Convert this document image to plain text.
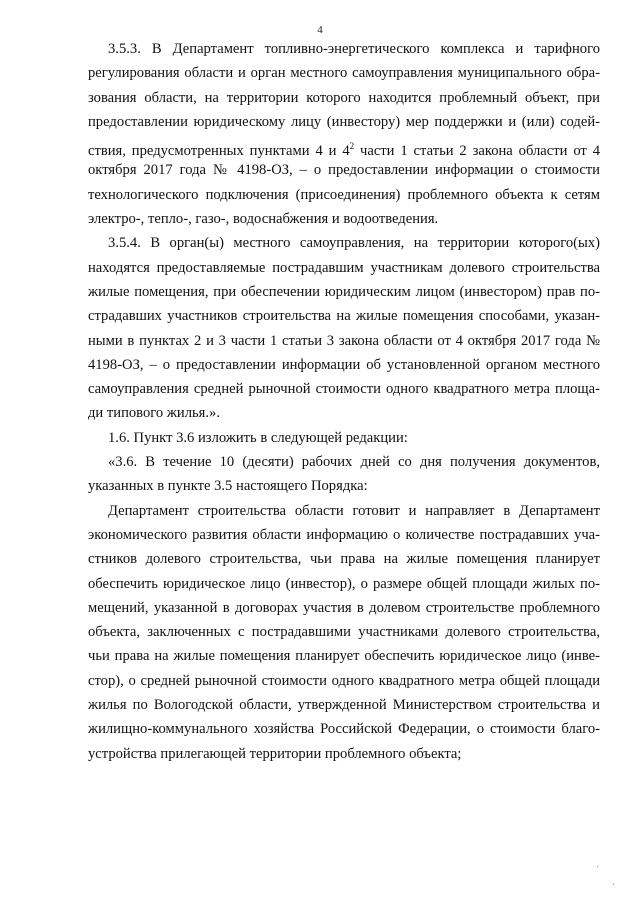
4
3.5.3. В Департамент топливно-энергетического комплекса и тарифного
регулирования области и орган местного самоуправления муниципального обра-
зования области, на территории которого находится проблемный объект, при
предоставлении юридическому лицу (инвестору) мер поддержки и (или) содей-
ствия, предусмотренных пунктами 4 и $4^2$ части 1 статьи 2 закона области от 4
октября 2017 года № 4198-ОЗ, – о предоставлении информации о стоимости
технологического подключения (присоединения) проблемного объекта к сетям
электро-, тепло-, газо-, водоснабжения и водоотведения.
3.5.4. В орган(ы) местного самоуправления, на территории которого(ых)
находятся предоставляемые пострадавшим участникам долевого строительства
жилые помещения, при обеспечении юридическим лицом (инвестором) прав по-
страдавших участников строительства на жилые помещения способами, указан-
ными в пунктах 2 и 3 части 1 статьи 3 закона области от 4 октября 2017 года №
4198-ОЗ, – о предоставлении информации об установленной органом местного
самоуправления средней рыночной стоимости одного квадратного метра площа-
ди типового жилья.».
1.6. Пункт 3.6 изложить в следующей редакции:
«3.6. В течение 10 (десяти) рабочих дней со дня получения документов,
указанных в пункте 3.5 настоящего Порядка:
Департамент строительства области готовит и направляет в Департамент
экономического развития области информацию о количестве пострадавших уча-
стников долевого строительства, чьи права на жилые помещения планирует
обеспечить юридическое лицо (инвестор), о размере общей площади жилых по-
мещений, указанной в договорах участия в долевом строительстве проблемного
объекта, заключенных с пострадавшими участниками долевого строительства,
чьи права на жилые помещения планирует обеспечить юридическое лицо (инве-
стор), о средней рыночной стоимости одного квадратного метра общей площади
жилья по Вологодской области, утвержденной Министерством строительства и
жилищно-коммунального хозяйства Российской Федерации, о стоимости благо-
устройства прилегающей территории проблемного объекта;
·
·
